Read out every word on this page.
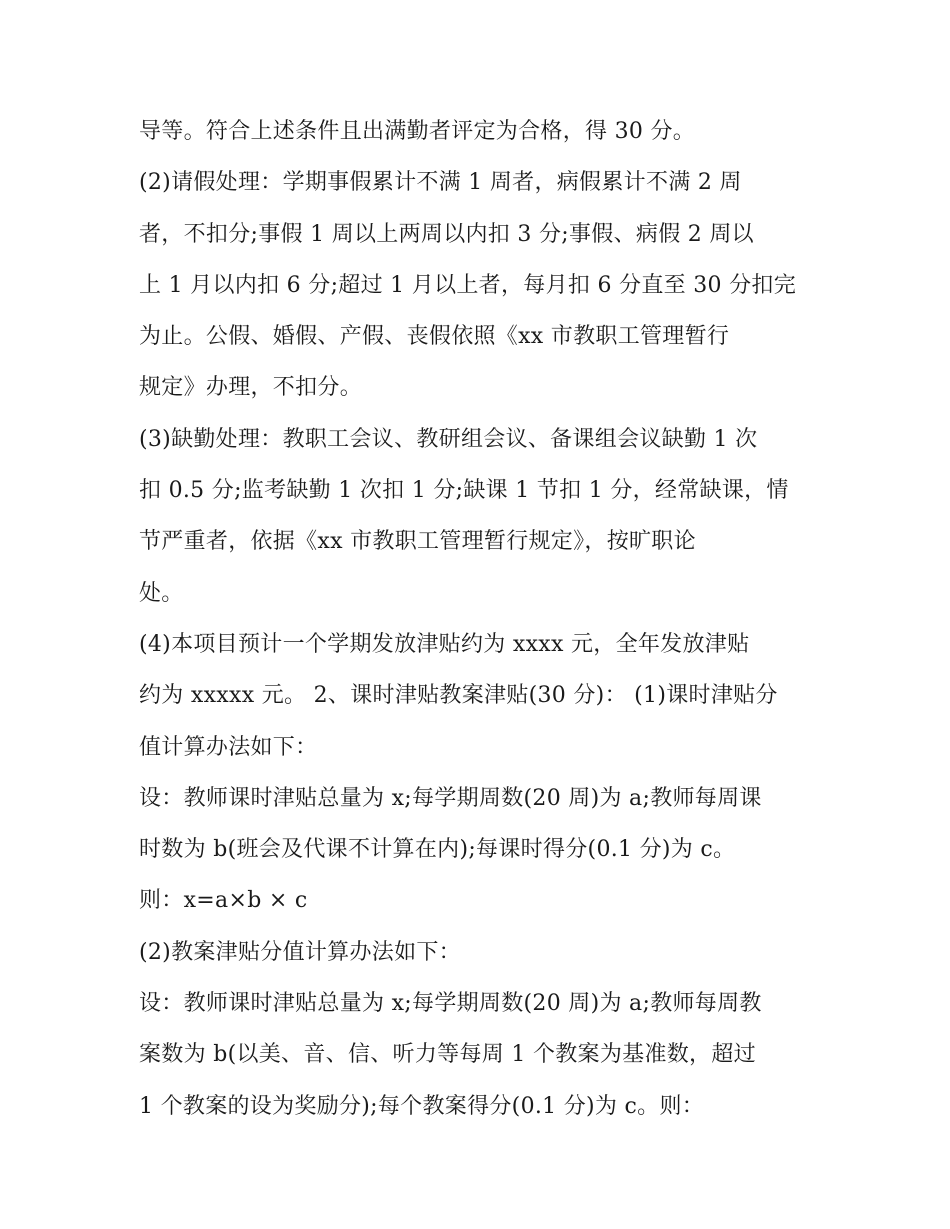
导等。符合上述条件且出满勤者评定为合格，得 30 分。
(2)请假处理：学期事假累计不满 1 周者，病假累计不满 2 周
者，不扣分;事假 1 周以上两周以内扣 3 分;事假、病假 2 周以
上 1 月以内扣 6 分;超过 1 月以上者，每月扣 6 分直至 30 分扣完
为止。公假、婚假、产假、丧假依照《xx 市教职工管理暂行
规定》办理，不扣分。
(3)缺勤处理：教职工会议、教研组会议、备课组会议缺勤 1 次
扣 0.5 分;监考缺勤 1 次扣 1 分;缺课 1 节扣 1 分，经常缺课，情
节严重者，依据《xx 市教职工管理暂行规定》，按旷职论
处。
(4)本项目预计一个学期发放津贴约为 xxxx 元，全年发放津贴
约为 xxxxx 元。 2、课时津贴教案津贴(30 分)： (1)课时津贴分
值计算办法如下：
设：教师课时津贴总量为 x;每学期周数(20 周)为 a;教师每周课
时数为 b(班会及代课不计算在内);每课时得分(0.1 分)为 c。
则：x=a×b × c
(2)教案津贴分值计算办法如下：
设：教师课时津贴总量为 x;每学期周数(20 周)为 a;教师每周教
案数为 b(以美、音、信、听力等每周 1 个教案为基准数，超过
1 个教案的设为奖励分);每个教案得分(0.1 分)为 c。则：
